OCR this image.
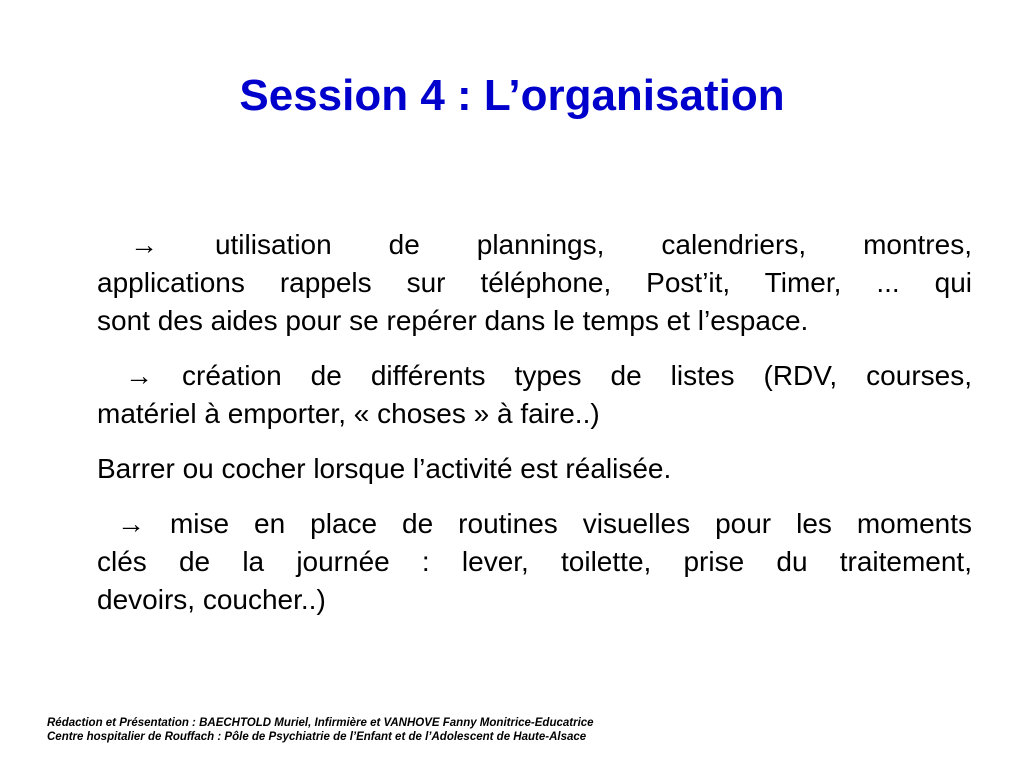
Session 4 : L’organisation
→ utilisation de plannings, calendriers, montres,
applications rappels sur téléphone, Post’it, Timer, ... qui
sont des aides pour se repérer dans le temps et l’espace.
→ création de différents types de listes (RDV, courses,
matériel à emporter, « choses » à faire..)
Barrer ou cocher lorsque l’activité est réalisée.
→ mise en place de routines visuelles pour les moments
clés de la journée : lever, toilette, prise du traitement,
devoirs, coucher..)
Rédaction et Présentation : BAECHTOLD Muriel, Infirmière et VANHOVE Fanny Monitrice-Educatrice
Centre hospitalier de Rouffach : Pôle de Psychiatrie de l’Enfant et de l’Adolescent de Haute-Alsace
